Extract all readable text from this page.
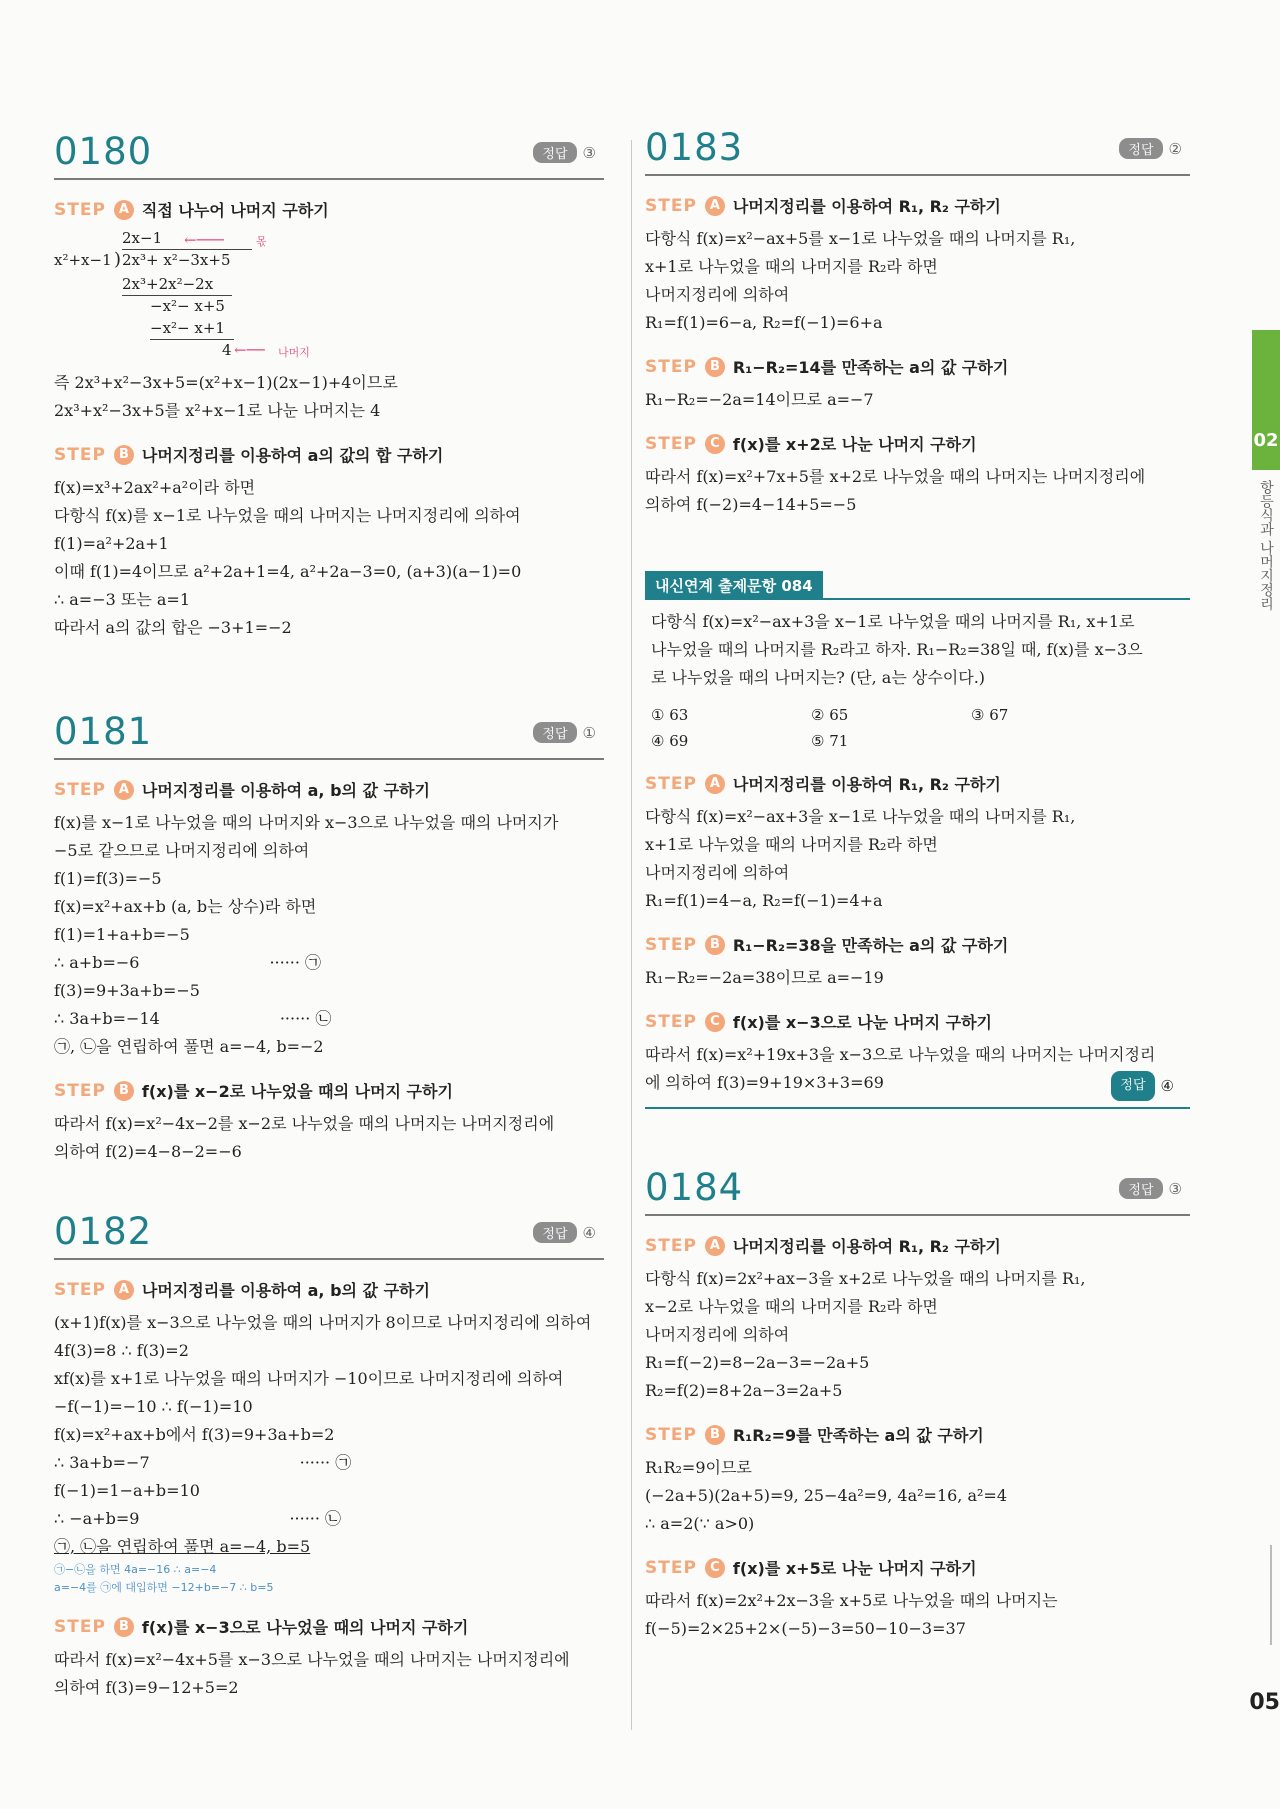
0180	정답	③
STEP A 직접 나누어 나머지 구하기
2x−1 ←───	몫
x²+x−1 ) 2x³+ x²−3x+5
2x³+2x²−2x
−x²− x+5
−x²− x+1
4 ←── 나머지
즉 2x³+x²−3x+5=(x²+x−1)(2x−1)+4이므로
2x³+x²−3x+5를 x²+x−1로 나눈 나머지는 4
STEP	B 나머지정리를 이용하여 a의 값의 합 구하기
f(x)=x³+2ax²+a²이라 하면
다항식 f(x)를 x−1로 나누었을 때의 나머지는 나머지정리에 의하여
f(1)=a²+2a+1
이때 f(1)=4이므로 a²+2a+1=4, a²+2a−3=0, (a+3)(a−1)=0
∴ a=−3 또는 a=1
따라서 a의 값의 합은 −3+1=−2
0181	정답	①
STEP A 나머지정리를 이용하여 a, b의 값 구하기
f(x)를 x−1로 나누었을 때의 나머지와 x−3으로 나누었을 때의 나머지가
−5로 같으므로 나머지정리에 의하여
f(1)=f(3)=−5
f(x)=x²+ax+b (a, b는 상수)라 하면
f(1)=1+a+b=−5
∴ a+b=−6	······ ㉠
f(3)=9+3a+b=−5
∴ 3a+b=−14	······ ㉡
㉠, ㉡을 연립하여 풀면 a=−4, b=−2
STEP	B f(x)를 x−2로 나누었을 때의 나머지 구하기
따라서 f(x)=x²−4x−2를 x−2로 나누었을 때의 나머지는 나머지정리에
의하여 f(2)=4−8−2=−6
0182	정답	④
STEP A 나머지정리를 이용하여 a, b의 값 구하기
(x+1)f(x)를 x−3으로 나누었을 때의 나머지가 8이므로 나머지정리에 의하여
4f(3)=8 ∴ f(3)=2
xf(x)를 x+1로 나누었을 때의 나머지가 −10이므로 나머지정리에 의하여
−f(−1)=−10 ∴ f(−1)=10
f(x)=x²+ax+b에서 f(3)=9+3a+b=2
∴ 3a+b=−7	······ ㉠
f(−1)=1−a+b=10
∴ −a+b=9	······ ㉡
㉠, ㉡을 연립하여 풀면 a=−4, b=5
㉠−㉡을 하면 4a=−16 ∴ a=−4
a=−4를 ㉠에 대입하면 −12+b=−7 ∴ b=5
STEP	B f(x)를 x−3으로 나누었을 때의 나머지 구하기
따라서 f(x)=x²−4x+5를 x−3으로 나누었을 때의 나머지는 나머지정리에
의하여 f(3)=9−12+5=2
0183	정답	②
STEP A 나머지정리를 이용하여 R₁, R₂ 구하기
다항식 f(x)=x²−ax+5를 x−1로 나누었을 때의 나머지를 R₁,
x+1로 나누었을 때의 나머지를 R₂라 하면
나머지정리에 의하여
R₁=f(1)=6−a, R₂=f(−1)=6+a
STEP	B R₁−R₂=14를 만족하는 a의 값 구하기
R₁−R₂=−2a=14이므로 a=−7
STEP	C f(x)를 x+2로 나눈 나머지 구하기
따라서 f(x)=x²+7x+5를 x+2로 나누었을 때의 나머지는 나머지정리에
의하여 f(−2)=4−14+5=−5
내신연계 출제문항 084
다항식 f(x)=x²−ax+3을 x−1로 나누었을 때의 나머지를 R₁, x+1로
나누었을 때의 나머지를 R₂라고 하자. R₁−R₂=38일 때, f(x)를 x−3으
로 나누었을 때의 나머지는? (단, a는 상수이다.)
① 63	② 65	③ 67
④ 69	⑤ 71
STEP A 나머지정리를 이용하여 R₁, R₂ 구하기
다항식 f(x)=x²−ax+3을 x−1로 나누었을 때의 나머지를 R₁,
x+1로 나누었을 때의 나머지를 R₂라 하면
나머지정리에 의하여
R₁=f(1)=4−a, R₂=f(−1)=4+a
STEP	B R₁−R₂=38을 만족하는 a의 값 구하기
R₁−R₂=−2a=38이므로 a=−19
STEP	C f(x)를 x−3으로 나눈 나머지 구하기
따라서 f(x)=x²+19x+3을 x−3으로 나누었을 때의 나머지는 나머지정리
에 의하여 f(3)=9+19×3+3=69	정답	④
0184	정답	③
STEP A 나머지정리를 이용하여 R₁, R₂ 구하기
다항식 f(x)=2x²+ax−3을 x+2로 나누었을 때의 나머지를 R₁,
x−2로 나누었을 때의 나머지를 R₂라 하면
나머지정리에 의하여
R₁=f(−2)=8−2a−3=−2a+5
R₂=f(2)=8+2a−3=2a+5
STEP	B R₁R₂=9를 만족하는 a의 값 구하기
R₁R₂=9이므로
(−2a+5)(2a+5)=9, 25−4a²=9, 4a²=16, a²=4
∴ a=2(∵ a>0)
STEP	C f(x)를 x+5로 나눈 나머지 구하기
따라서 f(x)=2x²+2x−3을 x+5로 나누었을 때의 나머지는
f(−5)=2×25+2×(−5)−3=50−10−3=37
02
항등식과 나머지정리
05
